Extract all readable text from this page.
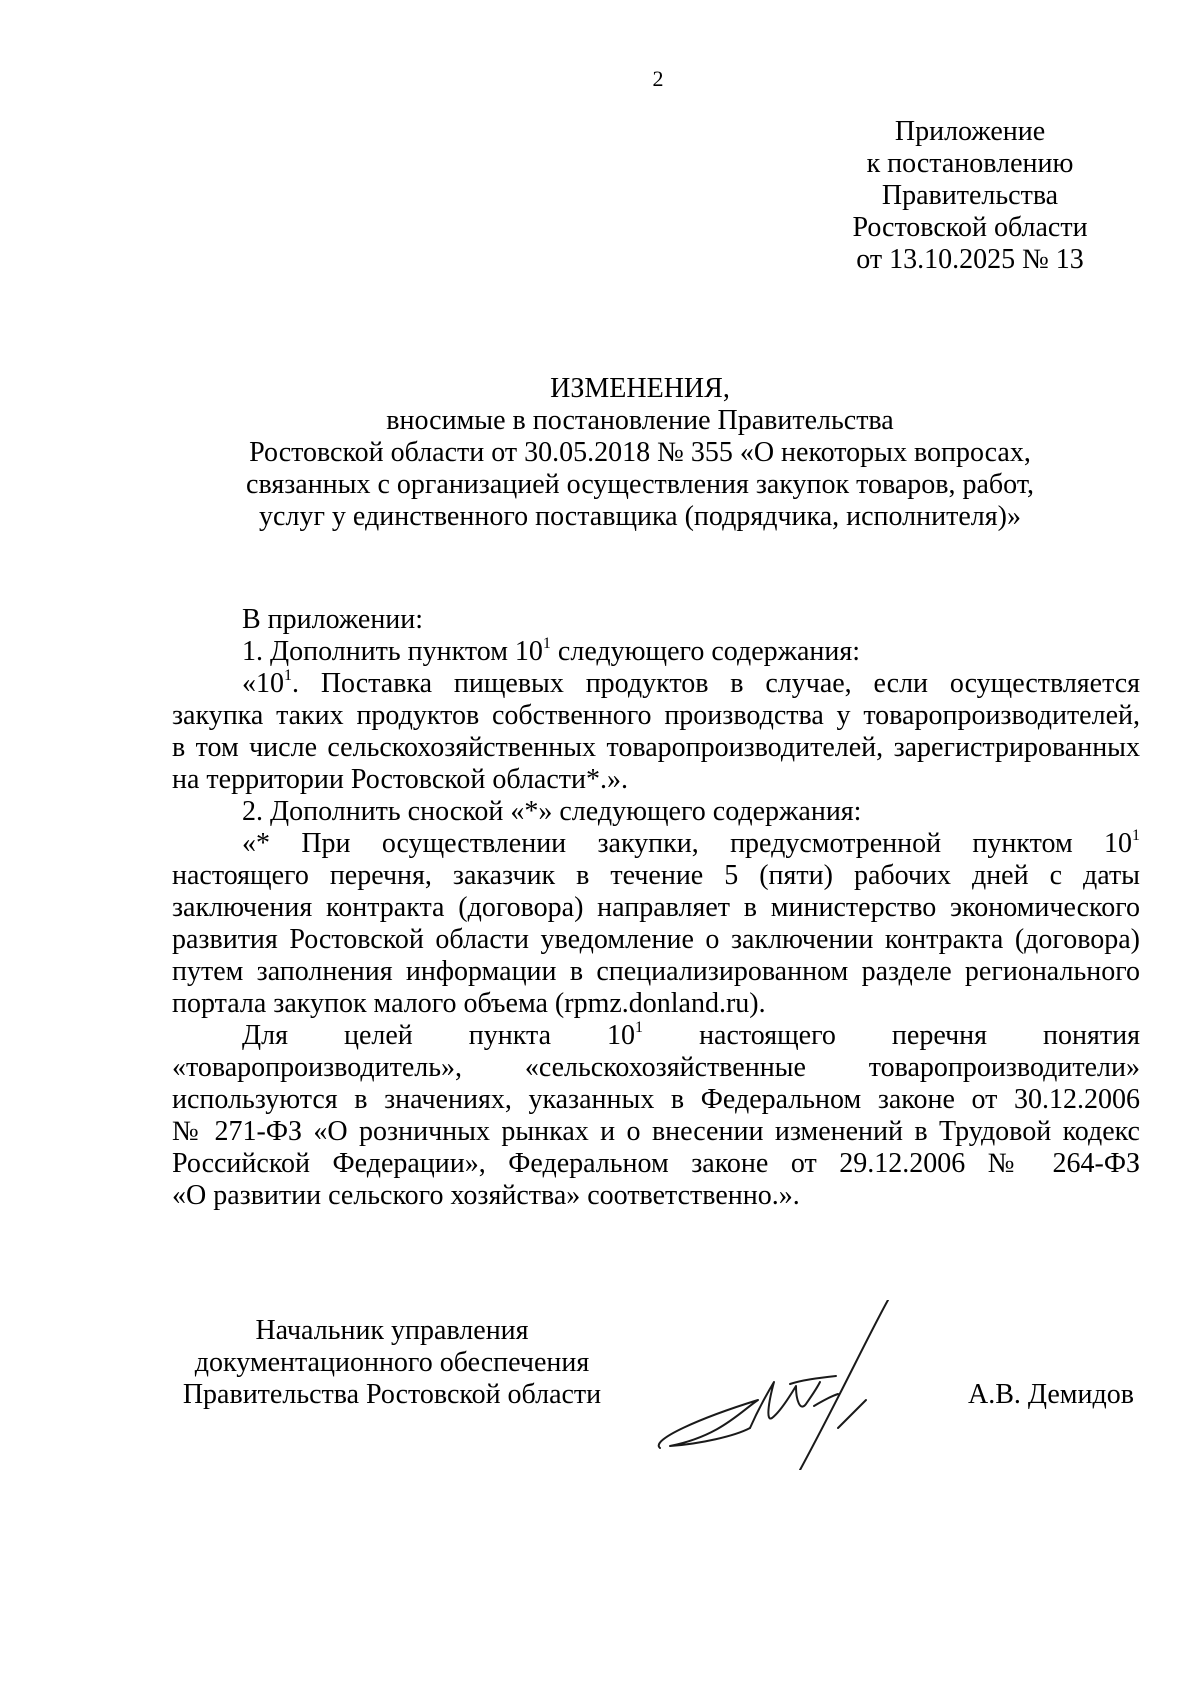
2
Приложение
к постановлению
Правительства
Ростовской области
от 13.10.2025 № 13
ИЗМЕНЕНИЯ,
вносимые в постановление Правительства
Ростовской области от 30.05.2018 № 355 «О некоторых вопросах,
связанных с организацией осуществления закупок товаров, работ,
услуг у единственного поставщика (подрядчика, исполнителя)»
В приложении:
1. Дополнить пунктом $10^1$ следующего содержания:
«$10^1$. Поставка пищевых продуктов в случае, если осуществляется
закупка таких продуктов собственного производства у товаропроизводителей,
в том числе сельскохозяйственных товаропроизводителей, зарегистрированных
на территории Ростовской области*.».
2. Дополнить сноской «*» следующего содержания:
«* При осуществлении закупки, предусмотренной пунктом $10^1$
настоящего перечня, заказчик в течение 5 (пяти) рабочих дней с даты
заключения контракта (договора) направляет в министерство экономического
развития Ростовской области уведомление о заключении контракта (договора)
путем заполнения информации в специализированном разделе регионального
портала закупок малого объема (rpmz.donland.ru).
Для целей пункта $10^1$ настоящего перечня понятия
«товаропроизводитель», «сельскохозяйственные товаропроизводители»
используются в значениях, указанных в Федеральном законе от 30.12.2006
№ 271-ФЗ «О розничных рынках и о внесении изменений в Трудовой кодекс
Российской Федерации», Федеральном законе от 29.12.2006 № 264-ФЗ
«О развитии сельского хозяйства» соответственно.».
Начальник управления
документационного обеспечения
Правительства Ростовской области	А.В. Демидов
